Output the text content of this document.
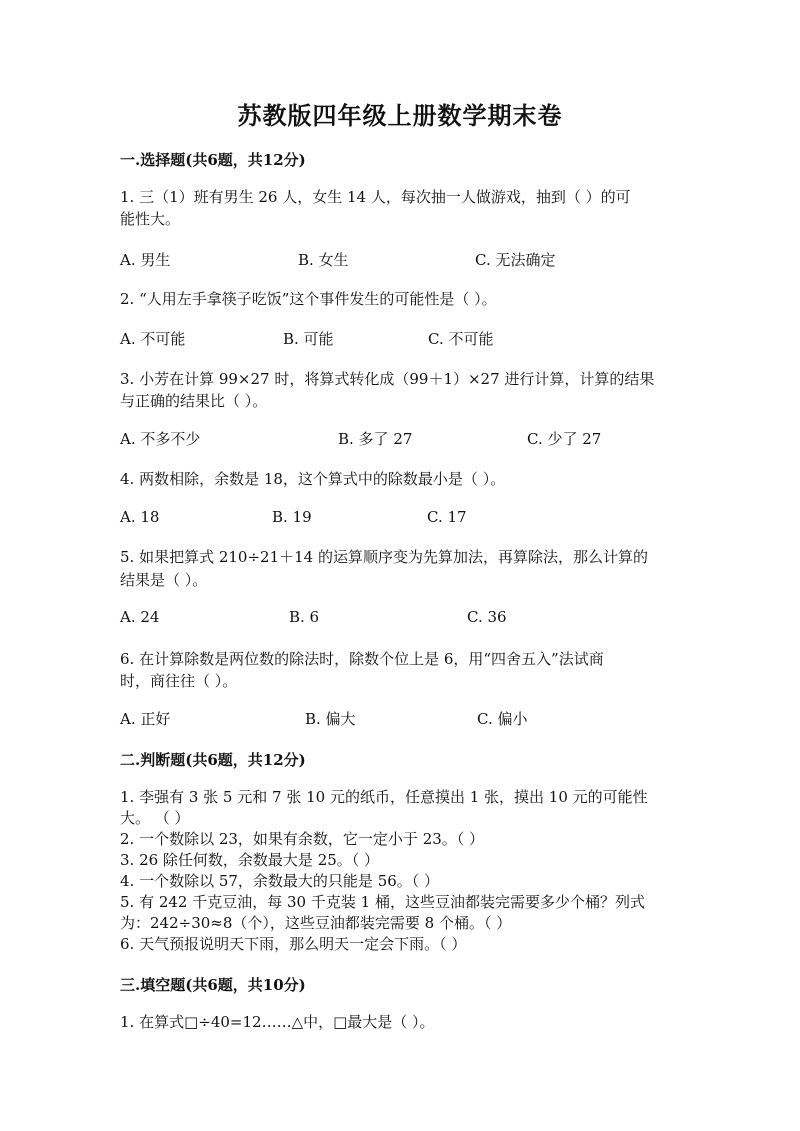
苏教版四年级上册数学期末卷
一.选择题(共6题，共12分)
1. 三（1）班有男生 26 人，女生 14 人，每次抽一人做游戏，抽到（ ）的可
能性大。
A. 男生	B. 女生	C. 无法确定
2. “人用左手拿筷子吃饭”这个事件发生的可能性是（ ）。
A. 不可能	B. 可能	C. 不可能
3. 小芳在计算 99×27 时，将算式转化成（99＋1）×27 进行计算，计算的结果
与正确的结果比（ ）。
A. 不多不少	B. 多了 27	C. 少了 27
4. 两数相除，余数是 18，这个算式中的除数最小是（ ）。
A. 18	B. 19	C. 17
5. 如果把算式 210÷21＋14 的运算顺序变为先算加法，再算除法，那么计算的
结果是（ ）。
A. 24	B. 6	C. 36
6. 在计算除数是两位数的除法时，除数个位上是 6，用“四舍五入”法试商
时，商往往（ ）。
A. 正好	B. 偏大	C. 偏小
二.判断题(共6题，共12分)
1. 李强有 3 张 5 元和 7 张 10 元的纸币，任意摸出 1 张，摸出 10 元的可能性
大。 （ ）
2. 一个数除以 23，如果有余数，它一定小于 23。（ ）
3. 26 除任何数，余数最大是 25。（ ）
4. 一个数除以 57，余数最大的只能是 56。（ ）
5. 有 242 千克豆油，每 30 千克装 1 桶，这些豆油都装完需要多少个桶？列式
为：242÷30≈8（个），这些豆油都装完需要 8 个桶。（ ）
6. 天气预报说明天下雨，那么明天一定会下雨。（ ）
三.填空题(共6题，共10分)
1. 在算式□÷40=12……△中，□最大是（ ）。
